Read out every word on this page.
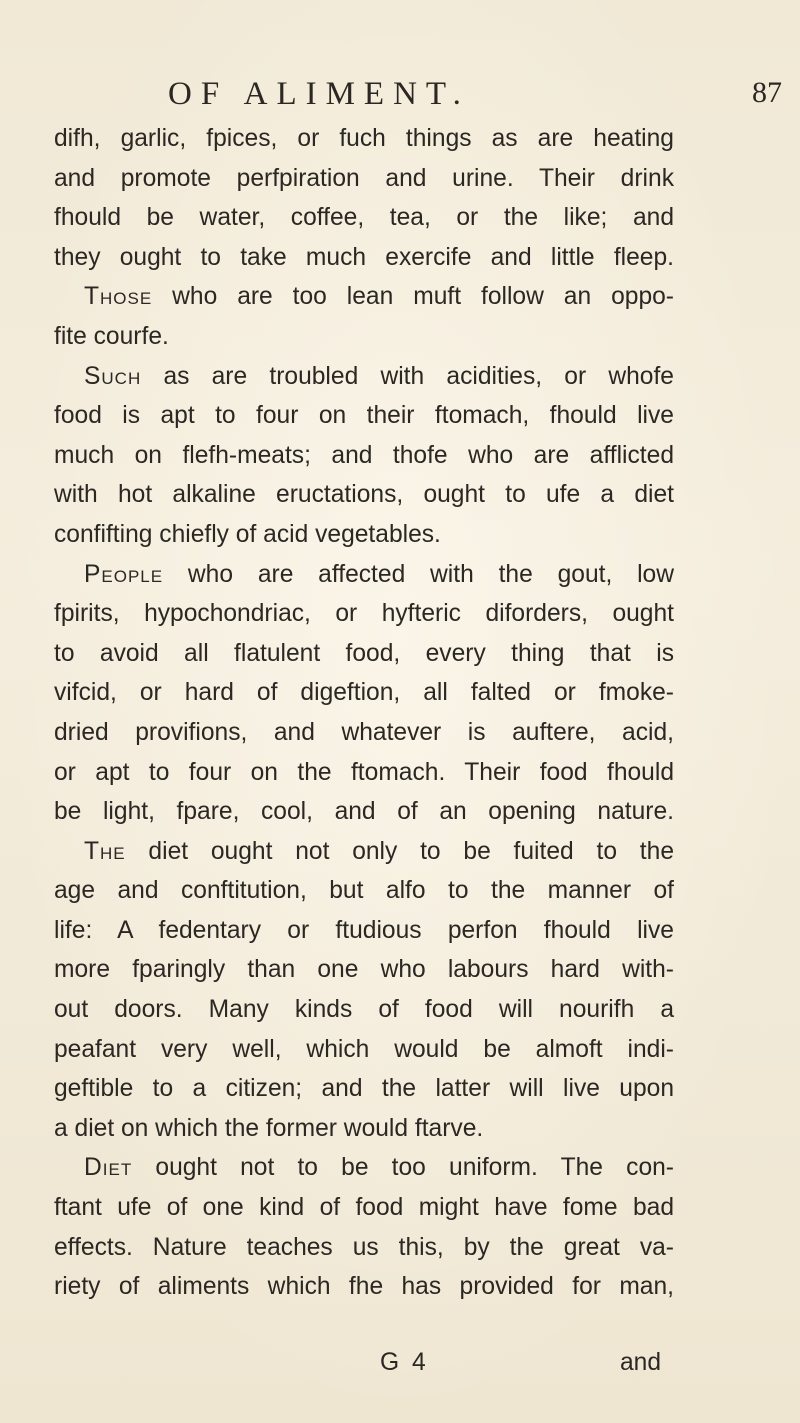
OF ALIMENT.	87
difh, garlic, fpices, or fuch things as are heating
and promote perfpiration and urine. Their drink
fhould be water, coffee, tea, or the like; and
they ought to take much exercife and little fleep.
Those who are too lean muft follow an oppo-
fite courfe.
Such as are troubled with acidities, or whofe
food is apt to four on their ftomach, fhould live
much on flefh-meats; and thofe who are afflicted
with hot alkaline eructations, ought to ufe a diet
confifting chiefly of acid vegetables.
People who are affected with the gout, low
fpirits, hypochondriac, or hyfteric diforders, ought
to avoid all flatulent food, every thing that is
vifcid, or hard of digeftion, all falted or fmoke-
dried provifions, and whatever is auftere, acid,
or apt to four on the ftomach. Their food fhould
be light, fpare, cool, and of an opening nature.
The diet ought not only to be fuited to the
age and conftitution, but alfo to the manner of
life: A fedentary or ftudious perfon fhould live
more fparingly than one who labours hard with-
out doors. Many kinds of food will nourifh a
peafant very well, which would be almoft indi-
geftible to a citizen; and the latter will live upon
a diet on which the former would ftarve.
Diet ought not to be too uniform. The con-
ftant ufe of one kind of food might have fome bad
effects. Nature teaches us this, by the great va-
riety of aliments which fhe has provided for man,
G 4	and
